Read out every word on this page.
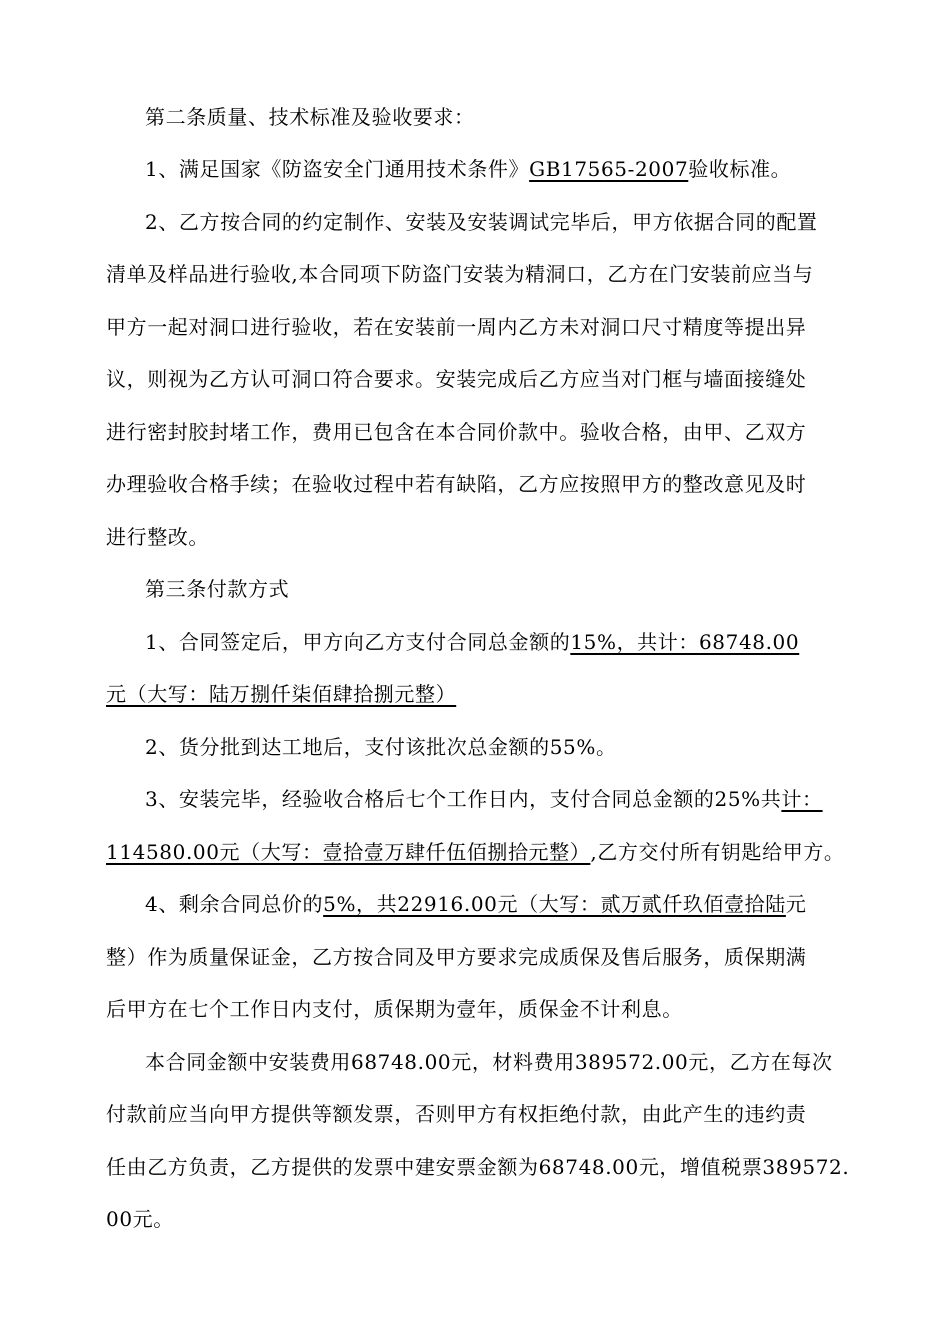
第二条质量、技术标准及验收要求：
1、满足国家《防盗安全门通用技术条件》GB17565-2007验收标准。
2、乙方按合同的约定制作、安装及安装调试完毕后，甲方依据合同的配置
清单及样品进行验收,本合同项下防盗门安装为精洞口，乙方在门安装前应当与
甲方一起对洞口进行验收，若在安装前一周内乙方未对洞口尺寸精度等提出异
议，则视为乙方认可洞口符合要求。安装完成后乙方应当对门框与墙面接缝处
进行密封胶封堵工作，费用已包含在本合同价款中。验收合格，由甲、乙双方
办理验收合格手续；在验收过程中若有缺陷，乙方应按照甲方的整改意见及时
进行整改。
第三条付款方式
1、合同签定后，甲方向乙方支付合同总金额的15%，共计：68748.00
元（大写：陆万捌仟柒佰肆拾捌元整）
2、货分批到达工地后，支付该批次总金额的55%。
3、安装完毕，经验收合格后七个工作日内，支付合同总金额的25%共计：
114580.00元（大写：壹拾壹万肆仟伍佰捌拾元整）,乙方交付所有钥匙给甲方。
4、剩余合同总价的5%，共22916.00元（大写：贰万贰仟玖佰壹拾陆元
整）作为质量保证金，乙方按合同及甲方要求完成质保及售后服务，质保期满
后甲方在七个工作日内支付，质保期为壹年，质保金不计利息。
本合同金额中安装费用68748.00元，材料费用389572.00元，乙方在每次
付款前应当向甲方提供等额发票，否则甲方有权拒绝付款，由此产生的违约责
任由乙方负责，乙方提供的发票中建安票金额为68748.00元，增值税票389572.
00元。
